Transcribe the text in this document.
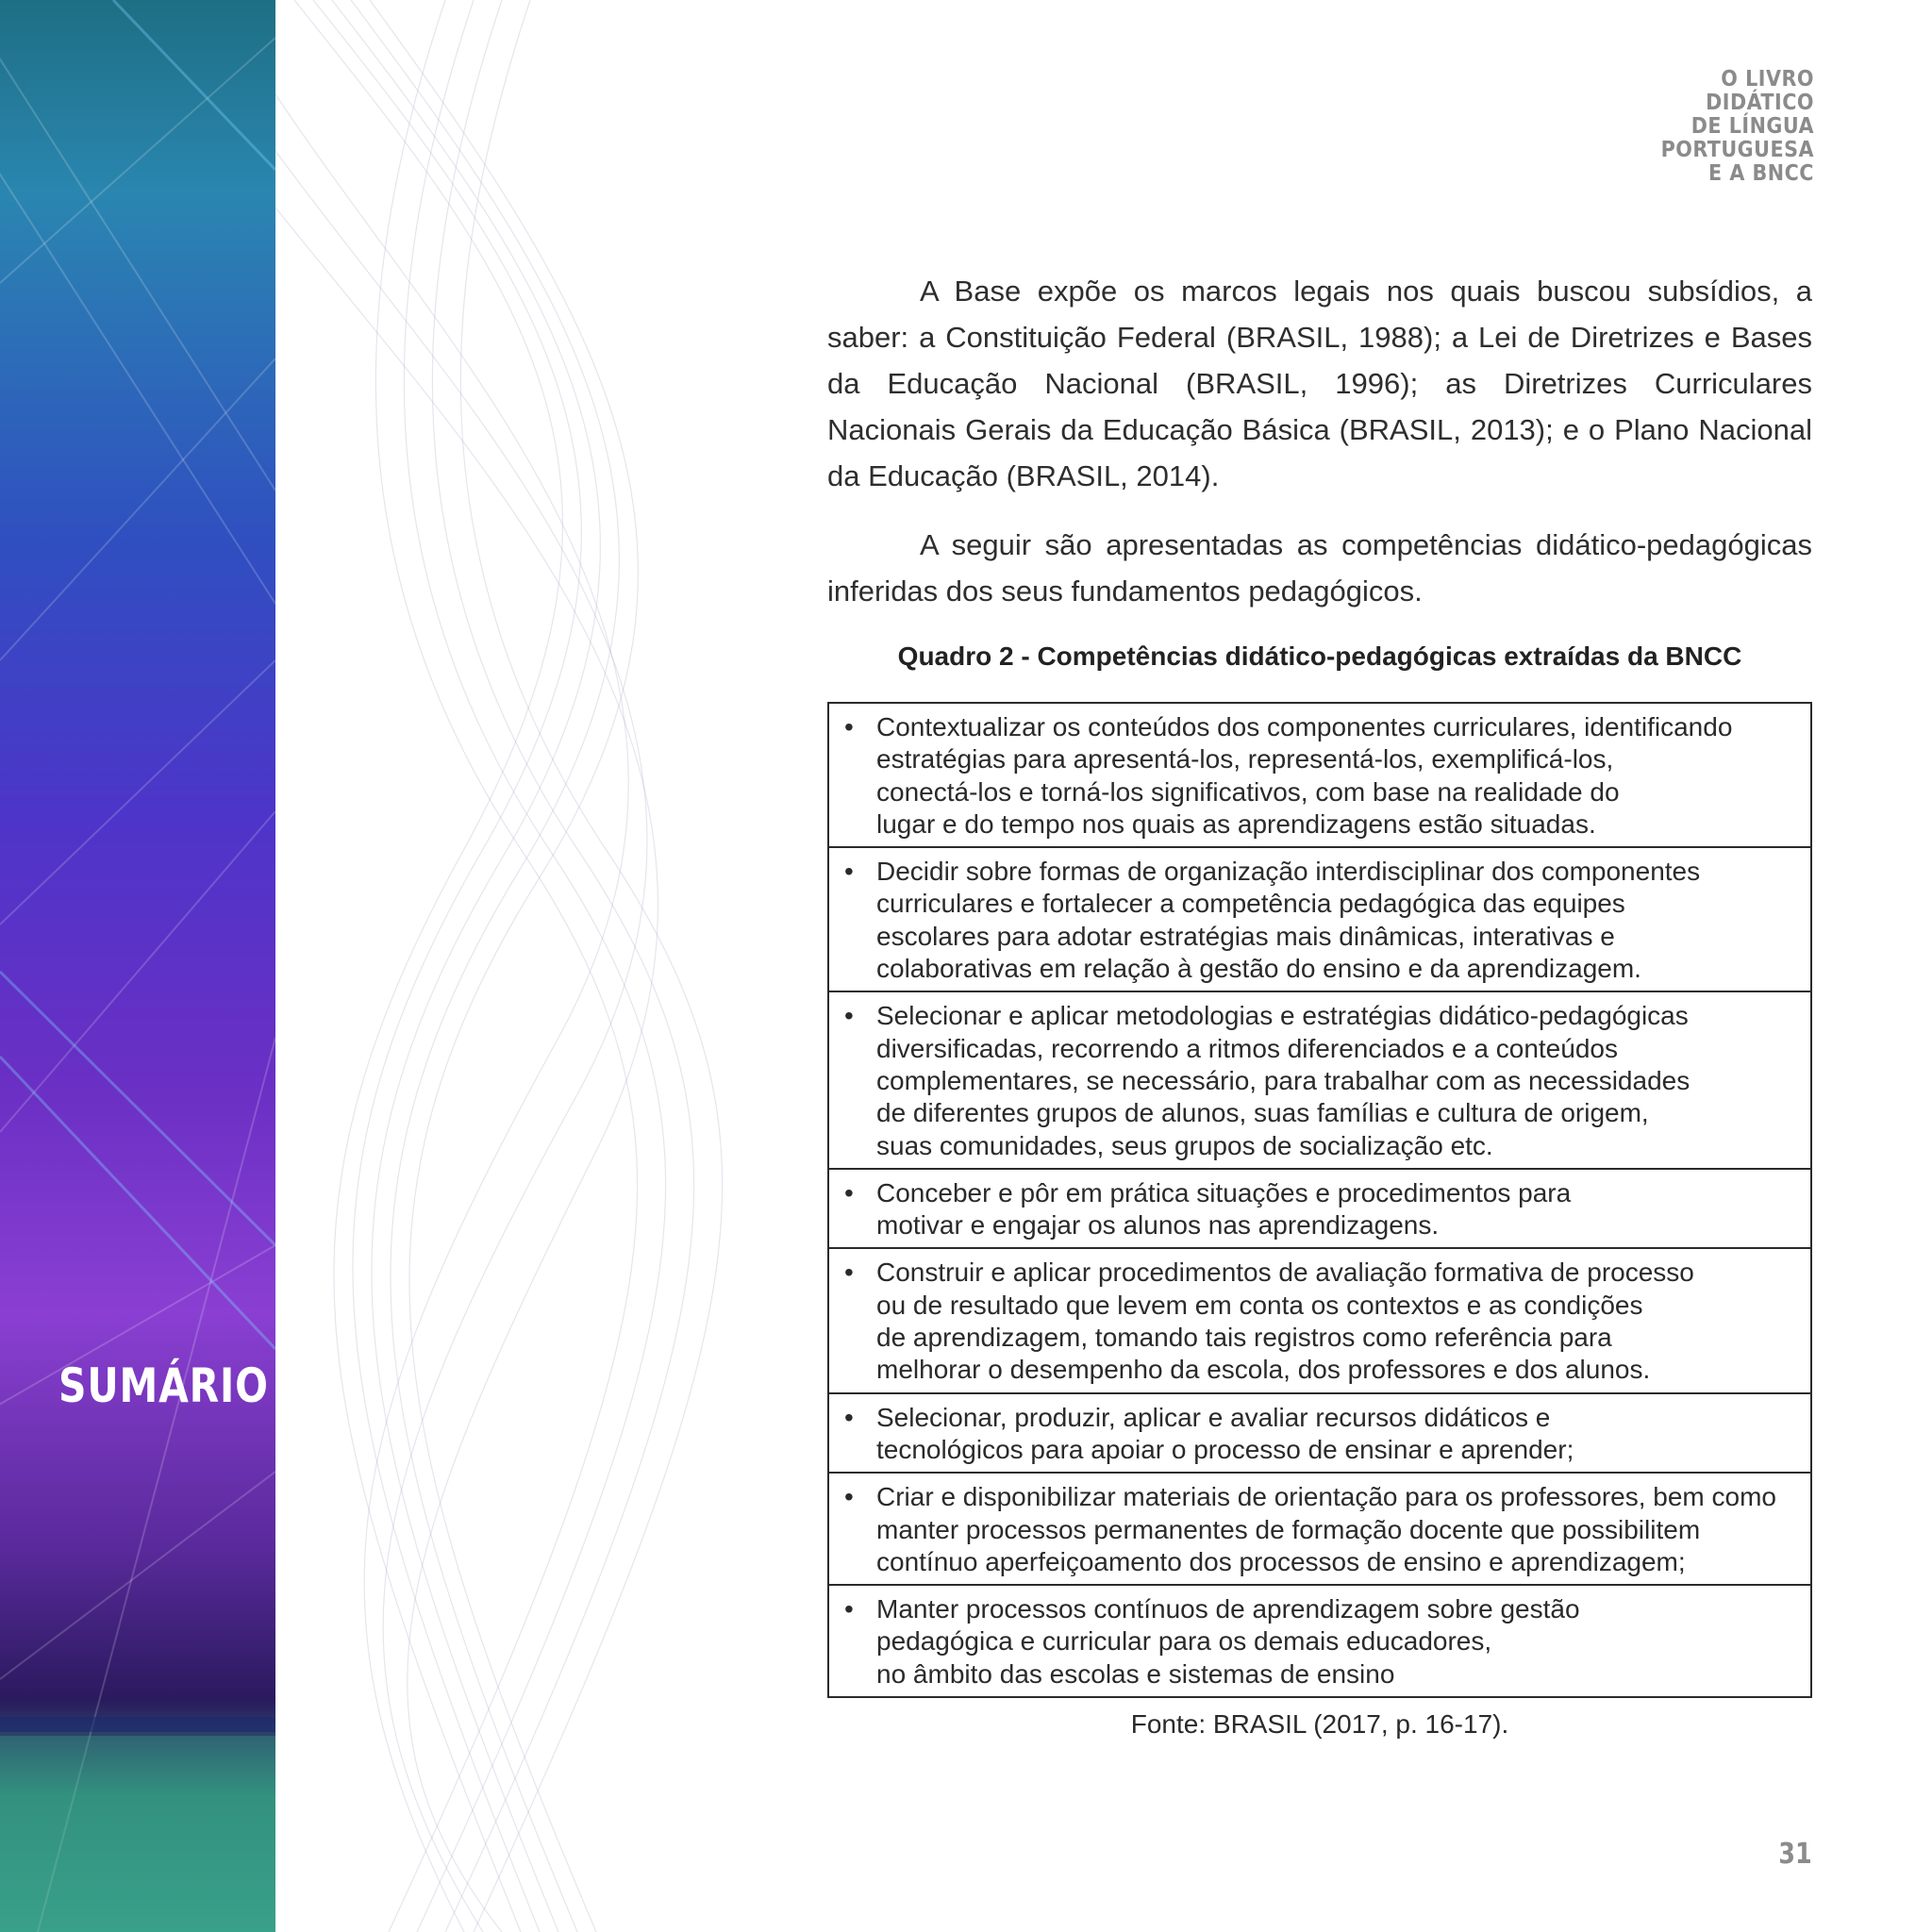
SUMÁRIO
O LIVRO
DIDÁTICO
DE LÍNGUA
PORTUGUESA
E A BNCC

A Base expõe os marcos legais nos quais buscou subsídios, a saber: a Constituição Federal (BRASIL, 1988); a Lei de Diretrizes e Bases da Educação Nacional (BRASIL, 1996); as Diretrizes Curriculares Nacionais Gerais da Educação Básica (BRASIL, 2013); e o Plano Nacional da Educação (BRASIL, 2014).

A seguir são apresentadas as competências didático-pedagógicas inferidas dos seus fundamentos pedagógicos.

Quadro 2 - Competências didático-pedagógicas extraídas da BNCC
• Contextualizar os conteúdos dos componentes curriculares, identificando
estratégias para apresentá-los, representá-los, exemplificá-los,
conectá-los e torná-los significativos, com base na realidade do
lugar e do tempo nos quais as aprendizagens estão situadas.

• Decidir sobre formas de organização interdisciplinar dos componentes
curriculares e fortalecer a competência pedagógica das equipes
escolares para adotar estratégias mais dinâmicas, interativas e
colaborativas em relação à gestão do ensino e da aprendizagem.

• Selecionar e aplicar metodologias e estratégias didático-pedagógicas
diversificadas, recorrendo a ritmos diferenciados e a conteúdos
complementares, se necessário, para trabalhar com as necessidades
de diferentes grupos de alunos, suas famílias e cultura de origem,
suas comunidades, seus grupos de socialização etc.

• Conceber e pôr em prática situações e procedimentos para
motivar e engajar os alunos nas aprendizagens.

• Construir e aplicar procedimentos de avaliação formativa de processo
ou de resultado que levem em conta os contextos e as condições
de aprendizagem, tomando tais registros como referência para
melhorar o desempenho da escola, dos professores e dos alunos.

• Selecionar, produzir, aplicar e avaliar recursos didáticos e
tecnológicos para apoiar o processo de ensinar e aprender;

• Criar e disponibilizar materiais de orientação para os professores, bem como
manter processos permanentes de formação docente que possibilitem
contínuo aperfeiçoamento dos processos de ensino e aprendizagem;

• Manter processos contínuos de aprendizagem sobre gestão
pedagógica e curricular para os demais educadores,
no âmbito das escolas e sistemas de ensino
Fonte: BRASIL (2017, p. 16-17).
31
